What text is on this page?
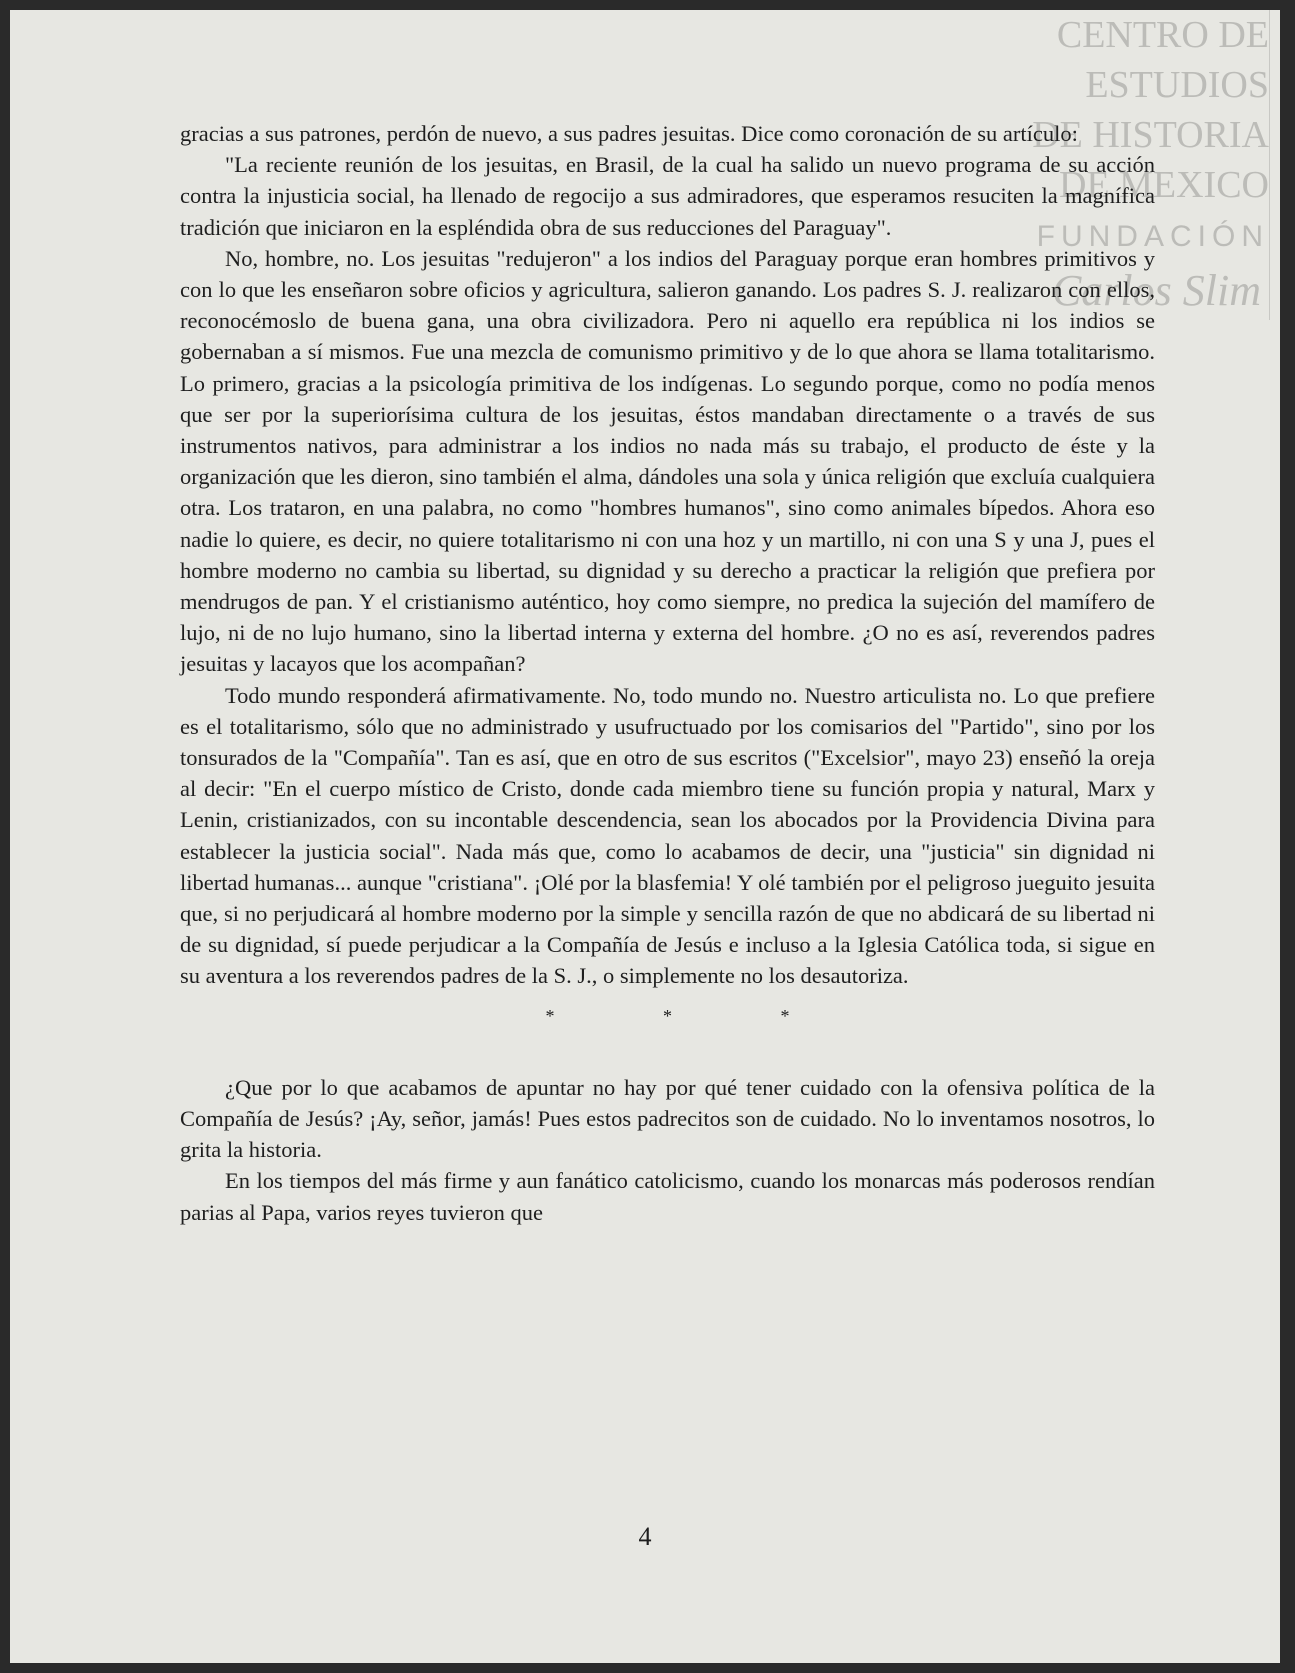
CENTRO DE
ESTUDIOS
DE HISTORIA
DE MEXICO
FUNDACIÓN
Carlos Slim

gracias a sus patrones, perdón de nuevo, a sus padres jesuitas. Dice como coronación de su artículo:

"La reciente reunión de los jesuitas, en Brasil, de la cual ha salido un nuevo programa de su acción contra la injusticia social, ha llenado de regocijo a sus admiradores, que esperamos resuciten la magnífica tradición que iniciaron en la espléndida obra de sus reducciones del Paraguay".

No, hombre, no. Los jesuitas "redujeron" a los indios del Paraguay porque eran hombres primitivos y con lo que les enseñaron sobre oficios y agricultura, salieron ganando. Los padres S. J. realizaron con ellos, reconocémoslo de buena gana, una obra civilizadora. Pero ni aquello era república ni los indios se gobernaban a sí mismos. Fue una mezcla de comunismo primitivo y de lo que ahora se llama totalitarismo. Lo primero, gracias a la psicología primitiva de los indígenas. Lo segundo porque, como no podía menos que ser por la superiorísima cultura de los jesuitas, éstos mandaban directamente o a través de sus instrumentos nativos, para administrar a los indios no nada más su trabajo, el producto de éste y la organización que les dieron, sino también el alma, dándoles una sola y única religión que excluía cualquiera otra. Los trataron, en una palabra, no como "hombres humanos", sino como animales bípedos. Ahora eso nadie lo quiere, es decir, no quiere totalitarismo ni con una hoz y un martillo, ni con una S y una J, pues el hombre moderno no cambia su libertad, su dignidad y su derecho a practicar la religión que prefiera por mendrugos de pan. Y el cristianismo auténtico, hoy como siempre, no predica la sujeción del mamífero de lujo, ni de no lujo humano, sino la libertad interna y externa del hombre. ¿O no es así, reverendos padres jesuitas y lacayos que los acompañan?

Todo mundo responderá afirmativamente. No, todo mundo no. Nuestro articulista no. Lo que prefiere es el totalitarismo, sólo que no administrado y usufructuado por los comisarios del "Partido", sino por los tonsurados de la "Compañía". Tan es así, que en otro de sus escritos ("Excelsior", mayo 23) enseñó la oreja al decir: "En el cuerpo místico de Cristo, donde cada miembro tiene su función propia y natural, Marx y Lenin, cristianizados, con su incontable descendencia, sean los abocados por la Providencia Divina para establecer la justicia social". Nada más que, como lo acabamos de decir, una "justicia" sin dignidad ni libertad humanas... aunque "cristiana". ¡Olé por la blasfemia! Y olé también por el peligroso jueguito jesuita que, si no perjudicará al hombre moderno por la simple y sencilla razón de que no abdicará de su libertad ni de su dignidad, sí puede perjudicar a la Compañía de Jesús e incluso a la Iglesia Católica toda, si sigue en su aventura a los reverendos padres de la S. J., o simplemente no los desautoriza.

* * *

¿Que por lo que acabamos de apuntar no hay por qué tener cuidado con la ofensiva política de la Compañía de Jesús? ¡Ay, señor, jamás! Pues estos padrecitos son de cuidado. No lo inventamos nosotros, lo grita la historia.

En los tiempos del más firme y aun fanático catolicismo, cuando los monarcas más poderosos rendían parias al Papa, varios reyes tuvieron que

4
